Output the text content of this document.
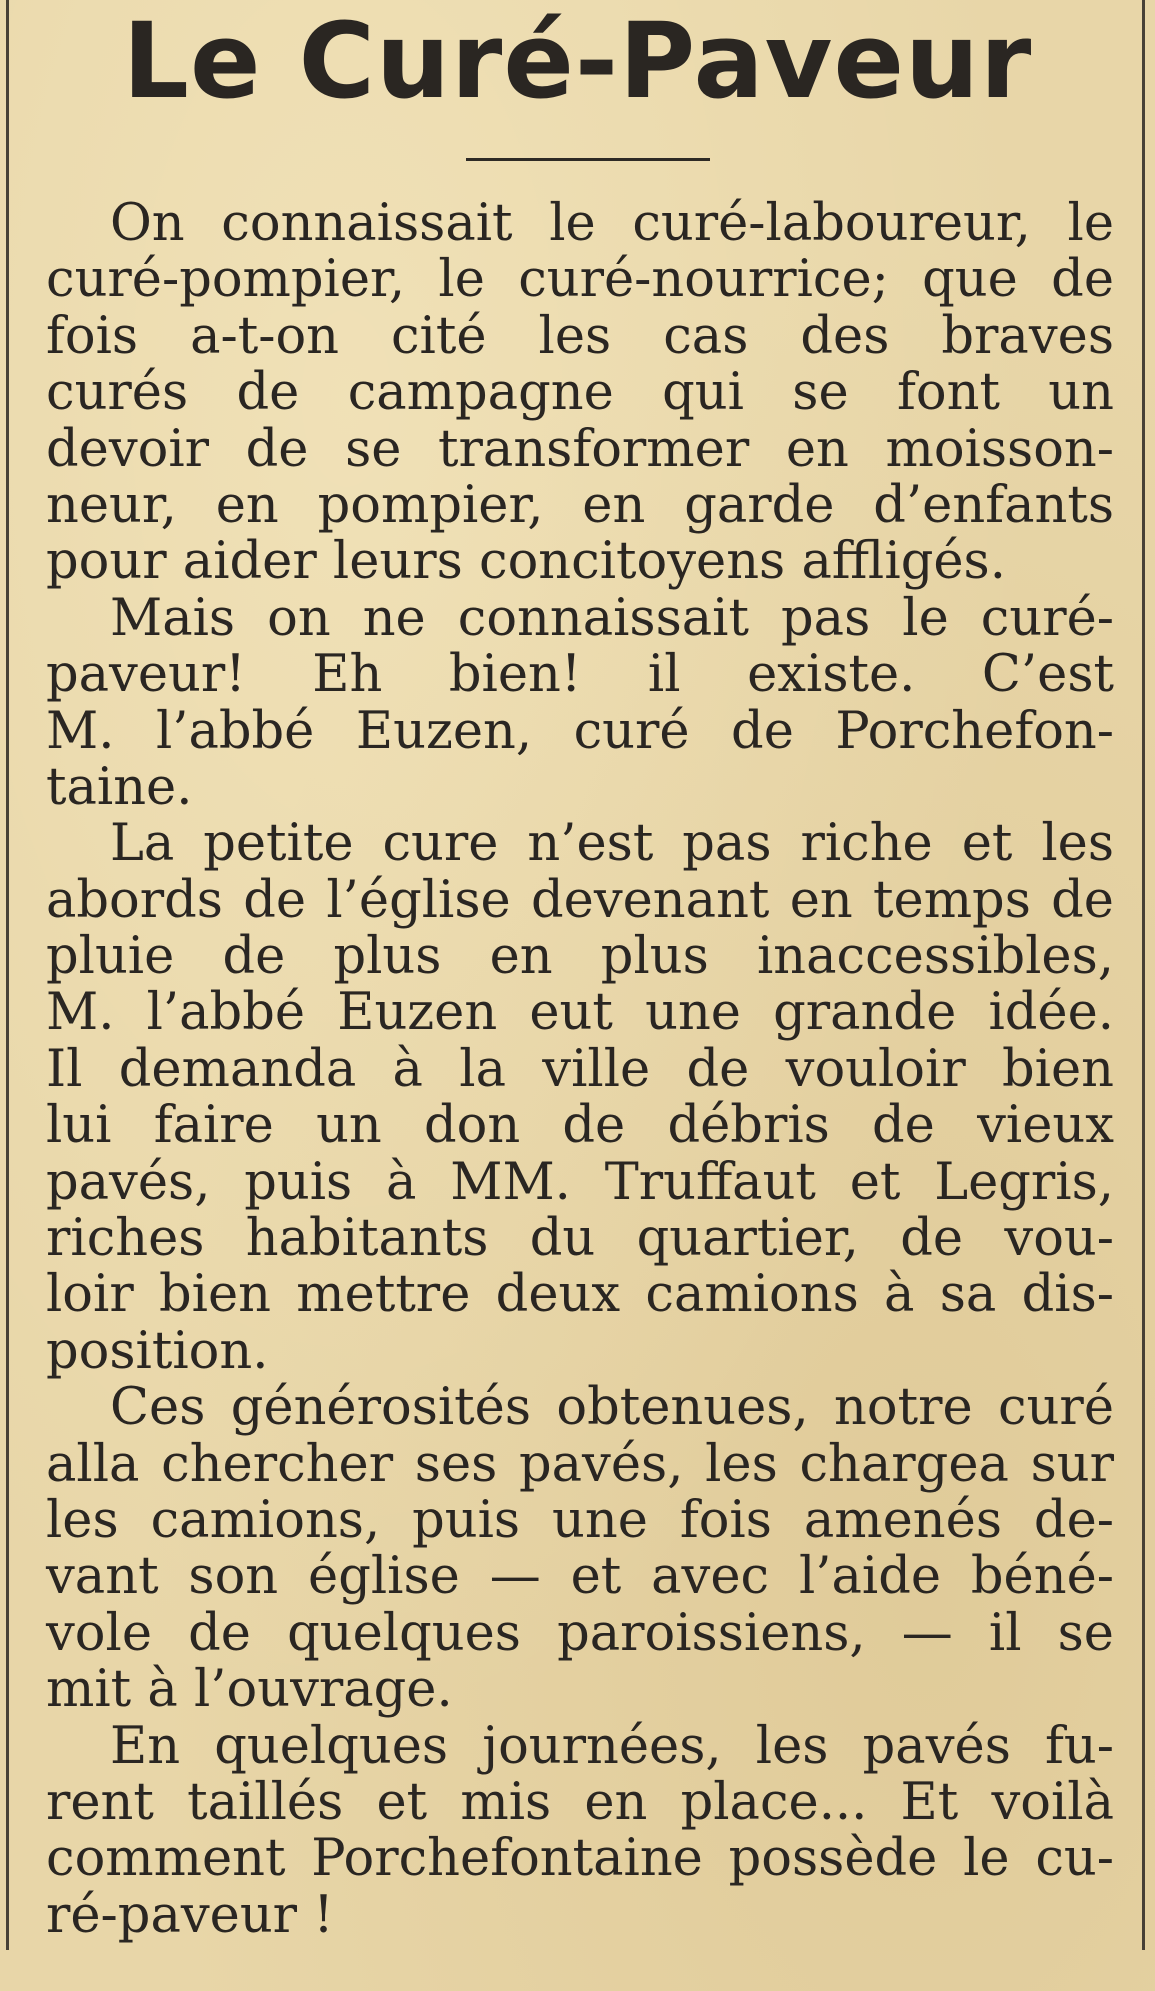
Le Curé-Paveur
On connaissait le curé-laboureur, le
curé-pompier, le curé-nourrice; que de
fois a-t-on cité les cas des braves
curés de campagne qui se font un
devoir de se transformer en moisson-
neur, en pompier, en garde d’enfants
pour aider leurs concitoyens affligés.
Mais on ne connaissait pas le curé-
paveur! Eh bien! il existe. C’est
M. l’abbé Euzen, curé de Porchefon-
taine.
La petite cure n’est pas riche et les
abords de l’église devenant en temps de
pluie de plus en plus inaccessibles,
M. l’abbé Euzen eut une grande idée.
Il demanda à la ville de vouloir bien
lui faire un don de débris de vieux
pavés, puis à MM. Truffaut et Legris,
riches habitants du quartier, de vou-
loir bien mettre deux camions à sa dis-
position.
Ces générosités obtenues, notre curé
alla chercher ses pavés, les chargea sur
les camions, puis une fois amenés de-
vant son église — et avec l’aide béné-
vole de quelques paroissiens, — il se
mit à l’ouvrage.
En quelques journées, les pavés fu-
rent taillés et mis en place... Et voilà
comment Porchefontaine possède le cu-
ré-paveur !
